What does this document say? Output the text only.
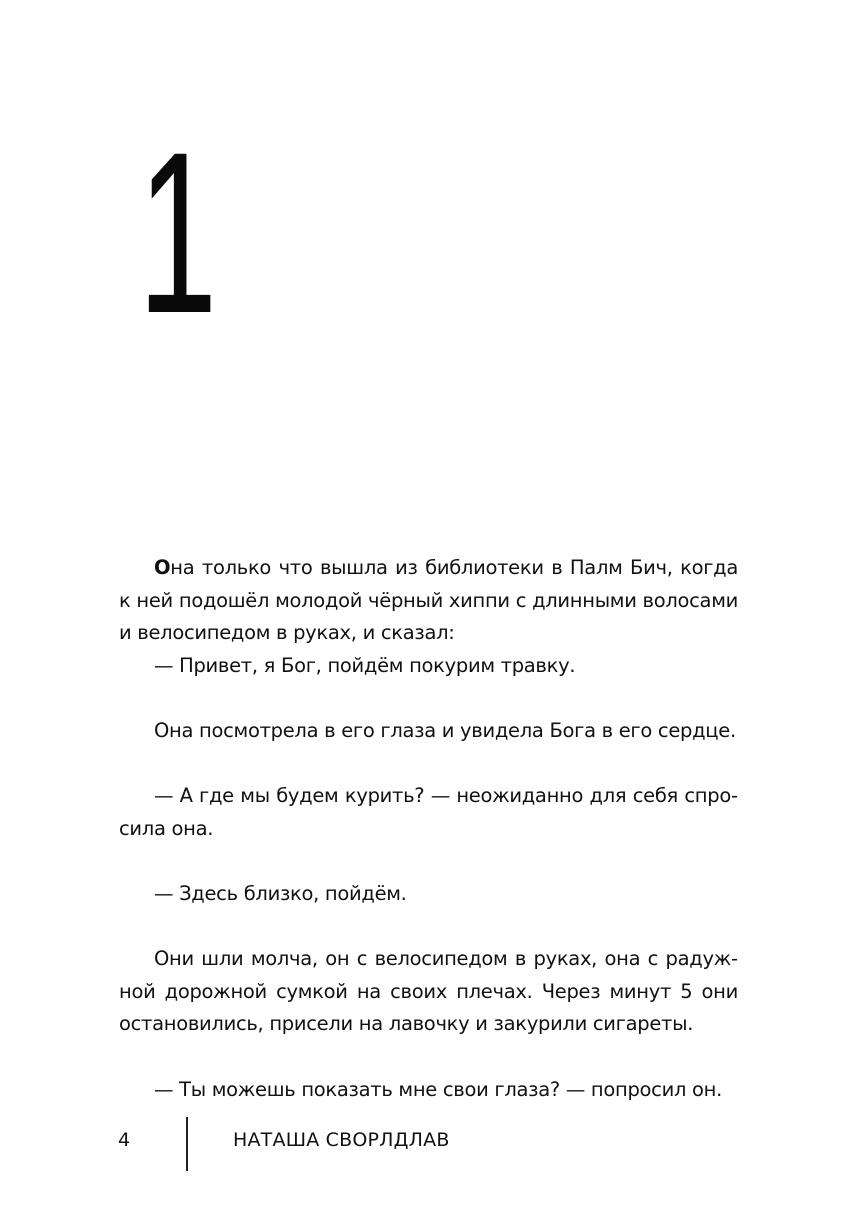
1

Она только что вышла из библиотеки в Палм Бич, когда к ней подошёл молодой чёрный хиппи с длинными волосами и велосипедом в руках, и сказал:

— Привет, я Бог, пойдём покурим травку.

Она посмотрела в его глаза и увидела Бога в его сердце.

— А где мы будем курить? — неожиданно для себя спросила она.

— Здесь близко, пойдём.

Они шли молча, он с велосипедом в руках, она с радужной дорожной сумкой на своих плечах. Через минут 5 они остановились, присели на лавочку и закурили сигареты.

— Ты можешь показать мне свои глаза? — попросил он.

4	НАТАША СВОРЛДЛАВ
